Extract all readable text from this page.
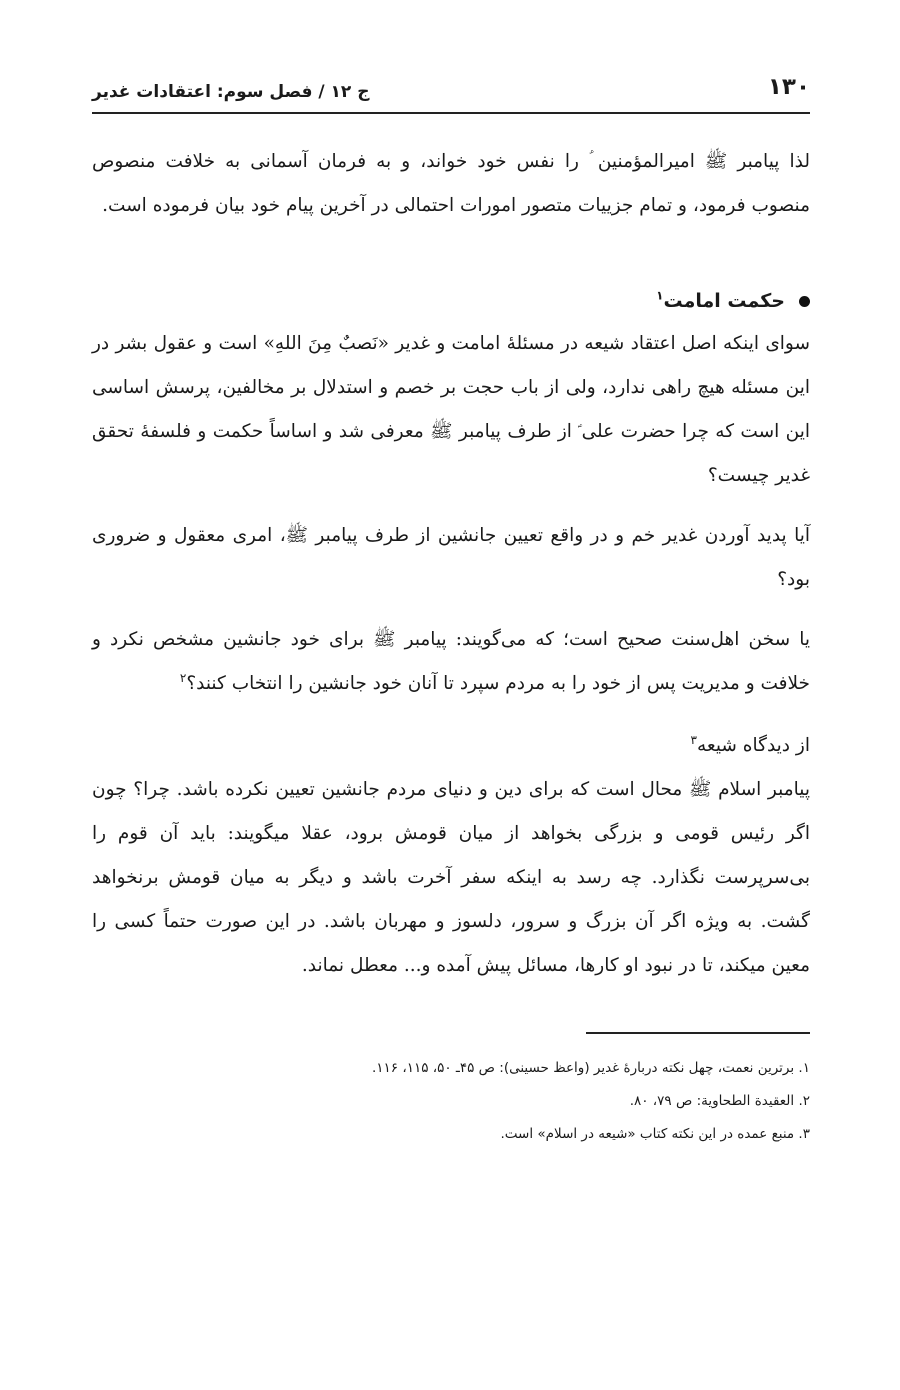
۱۳۰
ج ۱۲ / فصل سوم: اعتقادات غدیر

لذا پیامبر ﷺ امیرالمؤمنین ؑ را نفس خود خواند، و به فرمان آسمانی به خلافت منصوص منصوب فرمود، و تمام جزییات متصور امورات احتمالی در آخرین پیام خود بیان فرموده است.

حکمت امامت$^۱$

سوای اینکه اصل اعتقاد شیعه در مسئلهٔ امامت و غدیر «نَصبٌ مِنَ اللهِ» است و عقول بشر در این مسئله هیچ راهی ندارد، ولی از باب حجت بر خصم و استدلال بر مخالفین، پرسش اساسی این است که چرا حضرت علی ؑ از طرف پیامبر ﷺ معرفی شد و اساساً حکمت و فلسفهٔ تحقق غدیر چیست؟

آیا پدید آوردن غدیر خم و در واقع تعیین جانشین از طرف پیامبر ﷺ، امری معقول و ضروری بود؟

یا سخن اهل‌سنت صحیح است؛ که می‌گویند: پیامبر ﷺ برای خود جانشین مشخص نکرد و خلافت و مدیریت پس از خود را به مردم سپرد تا آنان خود جانشین را انتخاب کنند؟$^۲$

از دیدگاه شیعه$^۳$

پیامبر اسلام ﷺ محال است که برای دین و دنیای مردم جانشین تعیین نکرده باشد. چرا؟ چون اگر رئیس قومی و بزرگی بخواهد از میان قومش برود، عقلا میگویند: باید آن قوم را بی‌سرپرست نگذارد. چه رسد به اینکه سفر آخرت باشد و دیگر به میان قومش برنخواهد گشت. به ویژه اگر آن بزرگ و سرور، دلسوز و مهربان باشد. در این صورت حتماً کسی را معین میکند، تا در نبود او کارها، مسائل پیش آمده و... معطل نماند.

۱. برترین نعمت، چهل نکته دربارهٔ غدیر (واعظ حسینی): ص ۴۵ـ ۵۰، ۱۱۵، ۱۱۶.

۲. العقیدة الطحاویة: ص ۷۹، ۸۰.

۳. منبع عمده در این نکته کتاب «شیعه در اسلام» است.
